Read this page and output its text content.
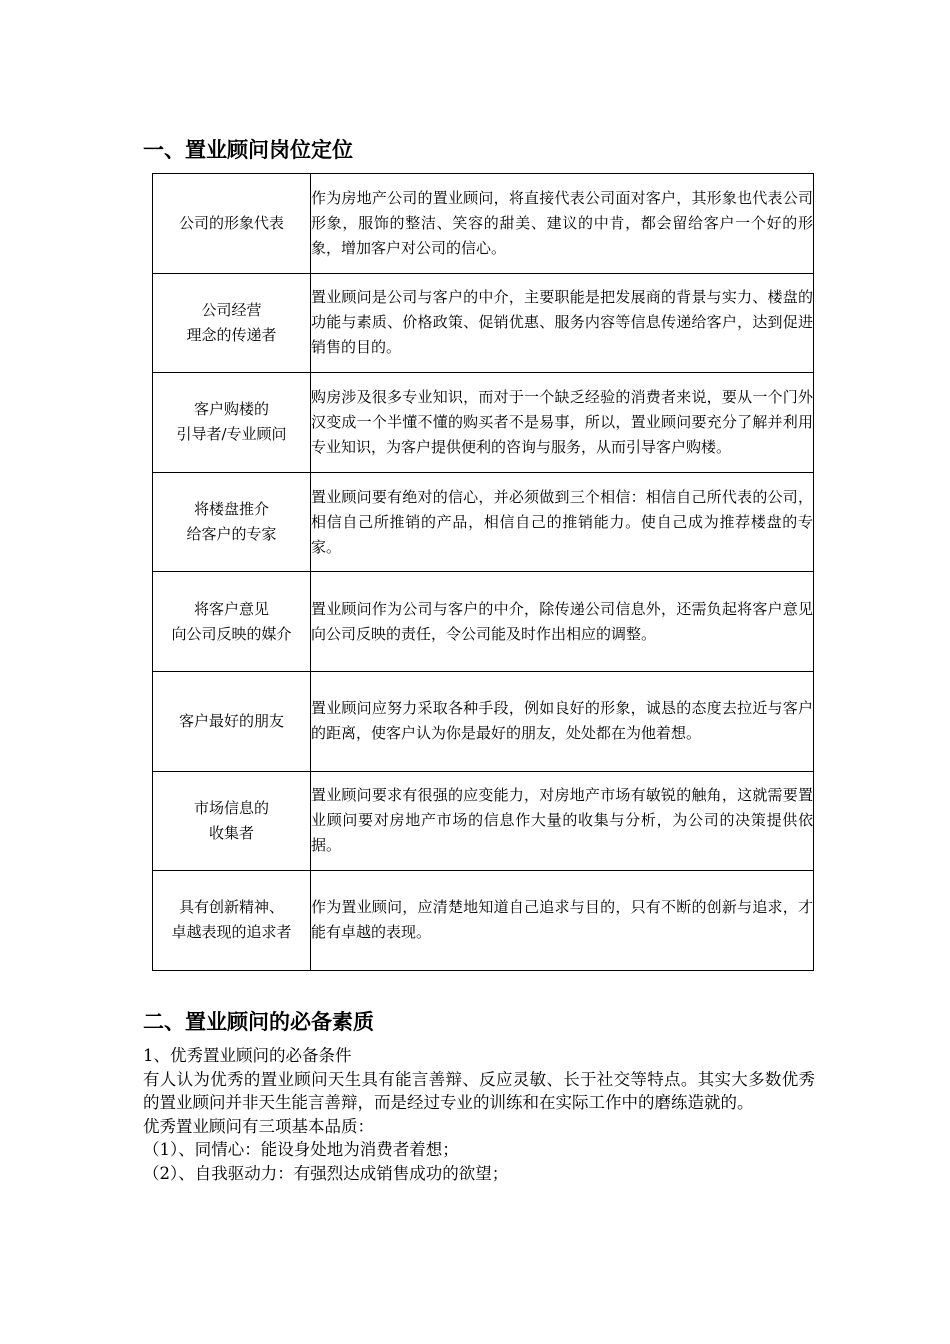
一、置业顾问岗位定位
公司的形象代表	作为房地产公司的置业顾问，将直接代表公司面对客户，其形象也代表公司形象，服饰的整洁、笑容的甜美、建议的中肯，都会留给客户一个好的形象，增加客户对公司的信心。

公司经营
理念的传递者	置业顾问是公司与客户的中介，主要职能是把发展商的背景与实力、楼盘的功能与素质、价格政策、促销优惠、服务内容等信息传递给客户，达到促进销售的目的。

客户购楼的
引导者/专业顾问	购房涉及很多专业知识，而对于一个缺乏经验的消费者来说，要从一个门外汉变成一个半懂不懂的购买者不是易事，所以，置业顾问要充分了解并利用专业知识，为客户提供便利的咨询与服务，从而引导客户购楼。

将楼盘推介
给客户的专家	置业顾问要有绝对的信心，并必须做到三个相信：相信自己所代表的公司，相信自己所推销的产品，相信自己的推销能力。使自己成为推荐楼盘的专家。

将客户意见
向公司反映的媒介	置业顾问作为公司与客户的中介，除传递公司信息外，还需负起将客户意见向公司反映的责任，令公司能及时作出相应的调整。

客户最好的朋友	置业顾问应努力采取各种手段，例如良好的形象，诚恳的态度去拉近与客户的距离，使客户认为你是最好的朋友，处处都在为他着想。

市场信息的
收集者	置业顾问要求有很强的应变能力，对房地产市场有敏锐的触角，这就需要置业顾问要对房地产市场的信息作大量的收集与分析，为公司的决策提供依据。

具有创新精神、
卓越表现的追求者	作为置业顾问，应清楚地知道自己追求与目的，只有不断的创新与追求，才能有卓越的表现。
二、置业顾问的必备素质

1、优秀置业顾问的必备条件

有人认为优秀的置业顾问天生具有能言善辩、反应灵敏、长于社交等特点。其实大多数优秀的置业顾问并非天生能言善辩，而是经过专业的训练和在实际工作中的磨练造就的。

优秀置业顾问有三项基本品质：

（1）、同情心：能设身处地为消费者着想；

（2）、自我驱动力：有强烈达成销售成功的欲望；
